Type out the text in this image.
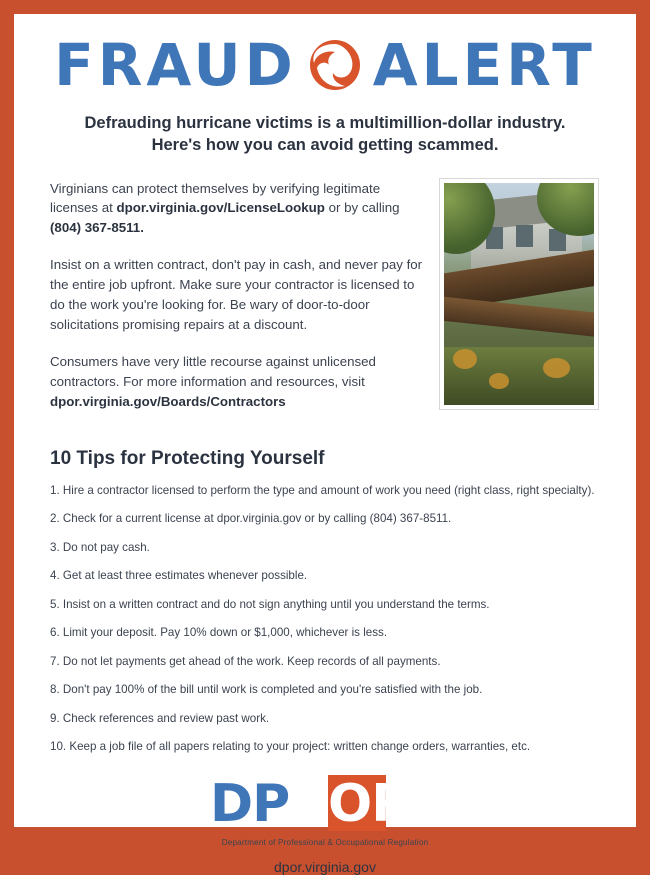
FRAUD ALERT
Defrauding hurricane victims is a multimillion-dollar industry.
Here's how you can avoid getting scammed.

Virginians can protect themselves by verifying legitimate licenses at dpor.virginia.gov/LicenseLookup or by calling (804) 367-8511.

Insist on a written contract, don't pay in cash, and never pay for the entire job upfront. Make sure your contractor is licensed to do the work you're looking for. Be wary of door-to-door solicitations promising repairs at a discount.

Consumers have very little recourse against unlicensed contractors. For more information and resources, visit dpor.virginia.gov/Boards/Contractors

10 Tips for Protecting Yourself
1. Hire a contractor licensed to perform the type and amount of work you need (right class, right specialty).
2. Check for a current license at dpor.virginia.gov or by calling (804) 367-8511.
3. Do not pay cash.
4. Get at least three estimates whenever possible.
5. Insist on a written contract and do not sign anything until you understand the terms.
6. Limit your deposit. Pay 10% down or $1,000, whichever is less.
7. Do not let payments get ahead of the work. Keep records of all payments.
8. Don't pay 100% of the bill until work is completed and you're satisfied with the job.
9. Check references and review past work.
10. Keep a job file of all papers relating to your project: written change orders, warranties, etc.
DP OR
Department of Professional & Occupational Regulation
dpor.virginia.gov
